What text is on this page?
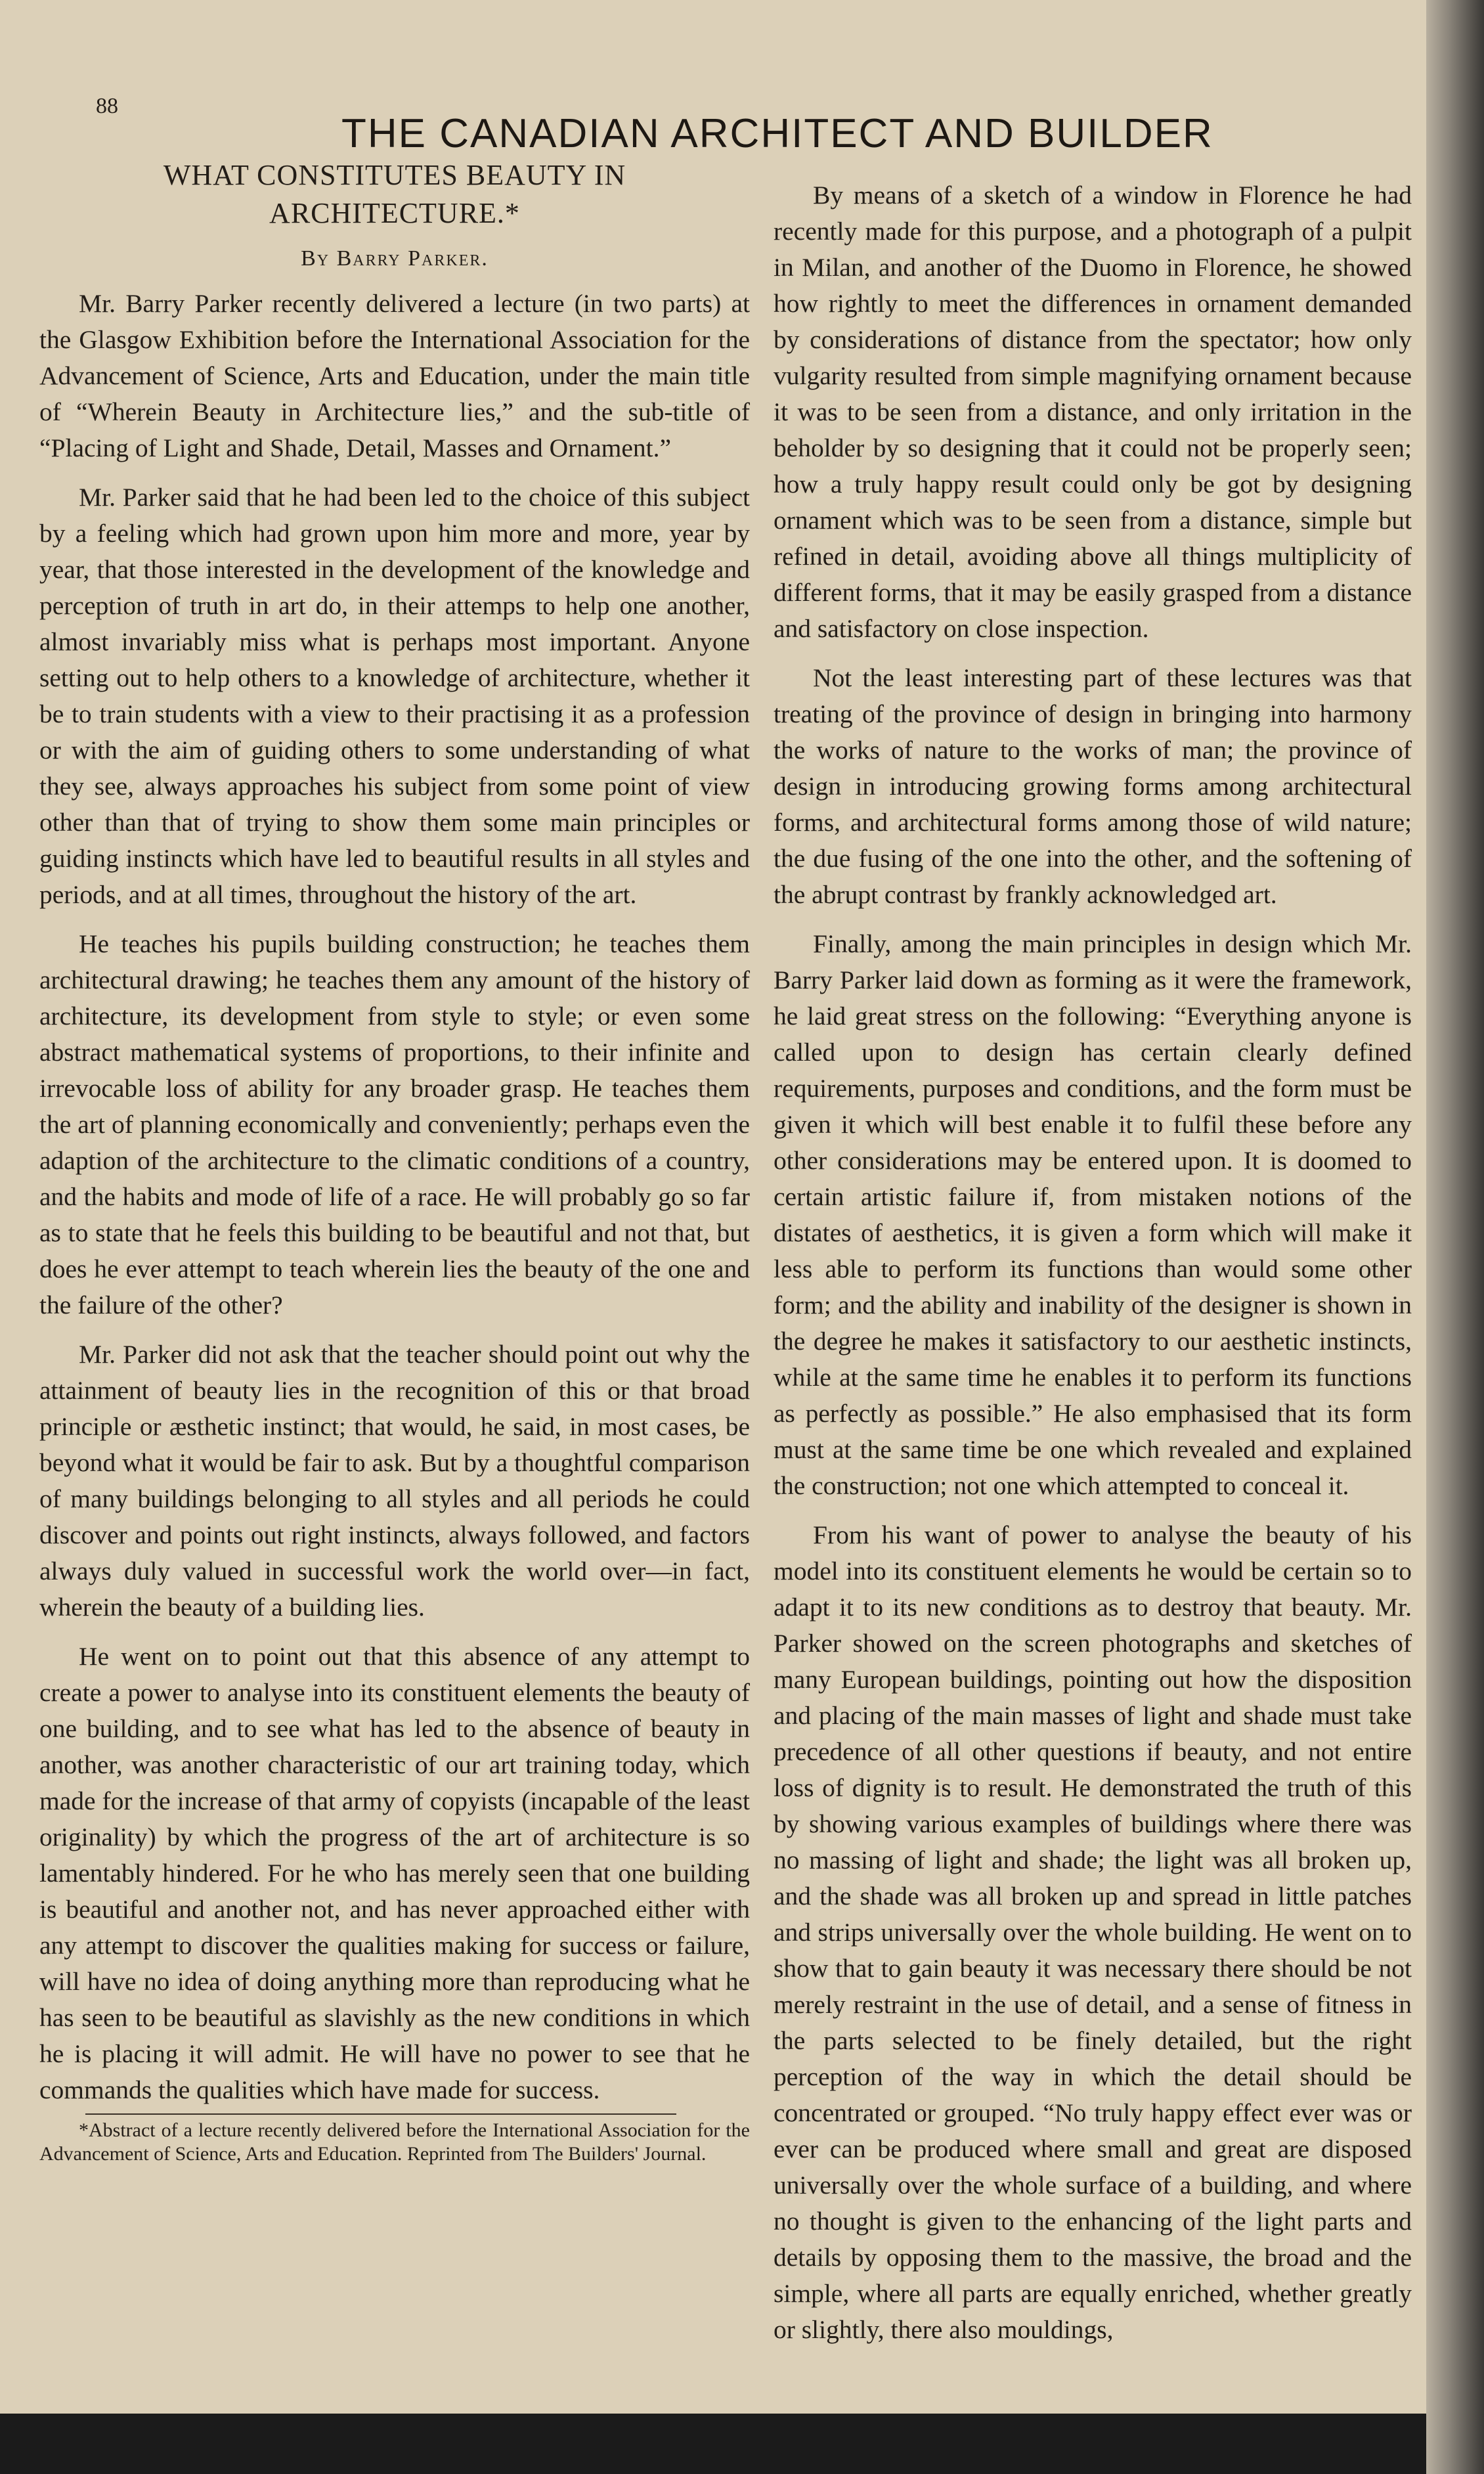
88
THE CANADIAN ARCHITECT AND BUILDER
WHAT CONSTITUTES BEAUTY IN ARCHITECTURE.*
By Barry Parker.

Mr. Barry Parker recently delivered a lecture (in two parts) at the Glasgow Exhibition before the International Association for the Advancement of Science, Arts and Education, under the main title of “Wherein Beauty in Architecture lies,” and the sub-title of “Placing of Light and Shade, Detail, Masses and Ornament.”

Mr. Parker said that he had been led to the choice of this subject by a feeling which had grown upon him more and more, year by year, that those interested in the development of the knowledge and perception of truth in art do, in their attemps to help one another, almost invariably miss what is perhaps most important. Anyone setting out to help others to a knowledge of architecture, whether it be to train students with a view to their practising it as a profession or with the aim of guiding others to some understanding of what they see, always approaches his subject from some point of view other than that of trying to show them some main principles or guiding instincts which have led to beautiful results in all styles and periods, and at all times, throughout the history of the art.

He teaches his pupils building construction; he teaches them architectural drawing; he teaches them any amount of the history of architecture, its development from style to style; or even some abstract mathematical systems of proportions, to their infinite and irrevocable loss of ability for any broader grasp. He teaches them the art of planning economically and conveniently; perhaps even the adaption of the architecture to the climatic conditions of a country, and the habits and mode of life of a race. He will probably go so far as to state that he feels this building to be beautiful and not that, but does he ever attempt to teach wherein lies the beauty of the one and the failure of the other?

Mr. Parker did not ask that the teacher should point out why the attainment of beauty lies in the recognition of this or that broad principle or æsthetic instinct; that would, he said, in most cases, be beyond what it would be fair to ask. But by a thoughtful comparison of many buildings belonging to all styles and all periods he could discover and points out right instincts, always followed, and factors always duly valued in successful work the world over—in fact, wherein the beauty of a building lies.

He went on to point out that this absence of any attempt to create a power to analyse into its constituent elements the beauty of one building, and to see what has led to the absence of beauty in another, was another characteristic of our art training today, which made for the increase of that army of copyists (incapable of the least originality) by which the progress of the art of architecture is so lamentably hindered. For he who has merely seen that one building is beautiful and another not, and has never approached either with any attempt to discover the qualities making for success or failure, will have no idea of doing anything more than reproducing what he has seen to be beautiful as slavishly as the new conditions in which he is placing it will admit. He will have no power to see that he commands the qualities which have made for success.

*Abstract of a lecture recently delivered before the International Association for the Advancement of Science, Arts and Education. Reprinted from The Builders' Journal.

By means of a sketch of a window in Florence he had recently made for this purpose, and a photograph of a pulpit in Milan, and another of the Duomo in Florence, he showed how rightly to meet the differences in ornament demanded by considerations of distance from the spectator; how only vulgarity resulted from simple magnifying ornament because it was to be seen from a distance, and only irritation in the beholder by so designing that it could not be properly seen; how a truly happy result could only be got by designing ornament which was to be seen from a distance, simple but refined in detail, avoiding above all things multiplicity of different forms, that it may be easily grasped from a distance and satisfactory on close inspection.

Not the least interesting part of these lectures was that treating of the province of design in bringing into harmony the works of nature to the works of man; the province of design in introducing growing forms among architectural forms, and architectural forms among those of wild nature; the due fusing of the one into the other, and the softening of the abrupt contrast by frankly acknowledged art.

Finally, among the main principles in design which Mr. Barry Parker laid down as forming as it were the framework, he laid great stress on the following: “Everything anyone is called upon to design has certain clearly defined requirements, purposes and conditions, and the form must be given it which will best enable it to fulfil these before any other considerations may be entered upon. It is doomed to certain artistic failure if, from mistaken notions of the distates of aesthetics, it is given a form which will make it less able to perform its functions than would some other form; and the ability and inability of the designer is shown in the degree he makes it satisfactory to our aesthetic instincts, while at the same time he enables it to perform its functions as perfectly as possible.” He also emphasised that its form must at the same time be one which revealed and explained the construction; not one which attempted to conceal it.

From his want of power to analyse the beauty of his model into its constituent elements he would be certain so to adapt it to its new conditions as to destroy that beauty. Mr. Parker showed on the screen photographs and sketches of many European buildings, pointing out how the disposition and placing of the main masses of light and shade must take precedence of all other questions if beauty, and not entire loss of dignity is to result. He demonstrated the truth of this by showing various examples of buildings where there was no massing of light and shade; the light was all broken up, and the shade was all broken up and spread in little patches and strips universally over the whole building. He went on to show that to gain beauty it was necessary there should be not merely restraint in the use of detail, and a sense of fitness in the parts selected to be finely detailed, but the right perception of the way in which the detail should be concentrated or grouped. “No truly happy effect ever was or ever can be produced where small and great are disposed universally over the whole surface of a building, and where no thought is given to the enhancing of the light parts and details by opposing them to the massive, the broad and the simple, where all parts are equally enriched, whether greatly or slightly, there also mouldings,
